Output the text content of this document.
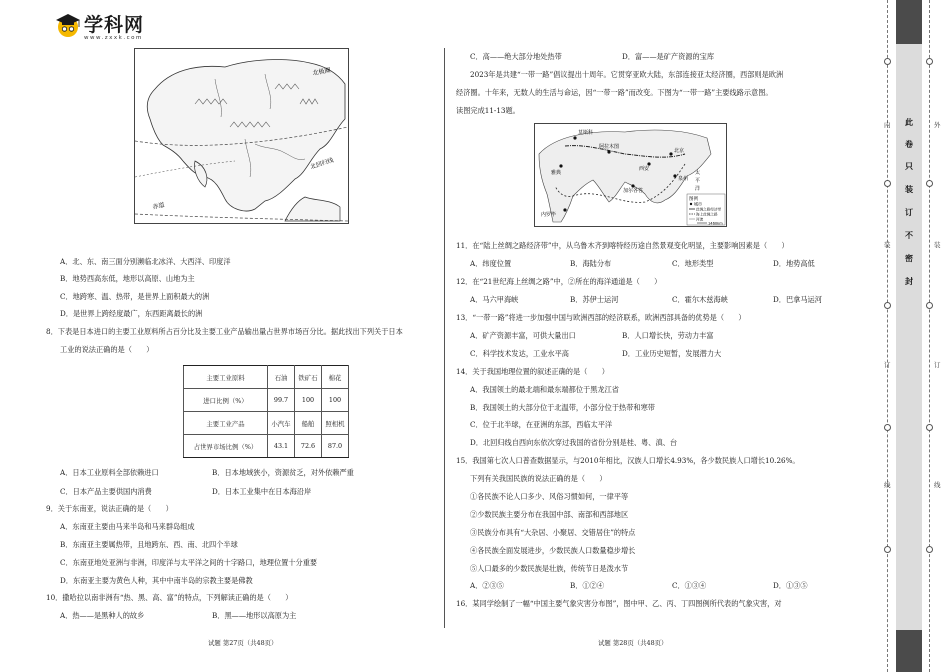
学科网
www.zxxk.com
北极圈
北回归线
赤道
A．北、东、南三面分别濒临北冰洋、大西洋、印度洋
B．地势西高东低，地形以高原、山地为主
C．地跨寒、温、热带，是世界上面积最大的洲
D．是世界上跨经度最广，东西距离最长的洲
8．下表是日本进口的主要工业原料所占百分比及主要工业产品输出量占世界市场百分比。据此找出下列关于日本
工业的说法正确的是（　　）
主要工业原料	石油	铁矿石	棉花
进口比例（%）	99.7	100	100
主要工业产品	小汽车	船舶	照相机
占世界市场比例（%）	43.1	72.6	87.0
A．日本工业原料全部依赖进口	B．日本地域狭小，资源贫乏，对外依赖严重
C．日本产品主要供国内消费	D．日本工业集中在日本海沿岸
9．关于东南亚，说法正确的是（　　）
A．东南亚主要由马来半岛和马来群岛组成
B．东南亚主要属热带，且地跨东、西、南、北四个半球
C．东南亚地处亚洲与非洲，印度洋与太平洋之间的十字路口，地理位置十分重要
D．东南亚主要为黄色人种，其中中南半岛的宗教主要是佛教
10．撒哈拉以南非洲有“热、黑、高、富”的特点，下列解读正确的是（　　）
A．热——是黑种人的故乡	B．黑——地形以高原为主
试题 第27页（共48页）
C．高——绝大部分地处热带	D．富——是矿产资源的宝库
2023年是共建“一带一路”倡议提出十周年。它贯穿亚欧大陆，东部连接亚太经济圈，西部则是欧洲
经济圈。十年来，无数人的生活与命运，因“一带一路”而改变。下图为“一带一路”主要线路示意图。
读图完成11-13题。
莫斯科
阿拉木图
北京
西安
泉州
雅典
加尔各答
内罗毕
太
平
洋
图例
城市
丝绸之路经济带
海上丝绸之路
河流
1460km
11．在“陆上丝绸之路经济带”中，从乌鲁木齐到喀特经历途自然景观变化明显，主要影响因素是（　　）
A．纬度位置	B．海陆分布	C．地形类型	D．地势高低
12．在“21世纪海上丝绸之路”中，②所在的海洋通道是（　　）
A．马六甲海峡	B．苏伊士运河	C．霍尔木兹海峡	D．巴拿马运河
13．“一带一路”将进一步加强中国与欧洲西部的经济联系，欧洲西部具备的优势是（　　）
A．矿产资源丰富，可供大量出口	B．人口增长快，劳动力丰富
C．科学技术发达，工业水平高	D．工业历史短暂，发展潜力大
14．关于我国地理位置的叙述正确的是（　　）
A．我国领土的最北端和最东端都位于黑龙江省
B．我国领土的大部分位于北温带，小部分位于热带和寒带
C．位于北半球，在亚洲的东部，西临太平洋
D．北回归线自西向东依次穿过我国的省份分别是桂、粤、滇、台
15．我国第七次人口普查数据显示，与2010年相比，汉族人口增长4.93%，各少数民族人口增长10.26%。
下列有关我国民族的说法正确的是（　　）
①各民族不论人口多少、风俗习惯如何，一律平等
②少数民族主要分布在我国中部、南部和西部地区
③民族分布具有“大杂居、小聚居、交错居住”的特点
④各民族全面发展进步，少数民族人口数量稳步增长
⑤人口最多的少数民族是壮族，传统节日是泼水节
A．②③⑤	B．①②④	C．①③④	D．①③⑤
16．某同学绘制了一幅“中国主要气象灾害分布图”，图中甲、乙、丙、丁四图例所代表的气象灾害，对
试题 第28页（共48页）
内
装
订
线
外
装
订
线
此
卷
只
装
订
不
密
封
